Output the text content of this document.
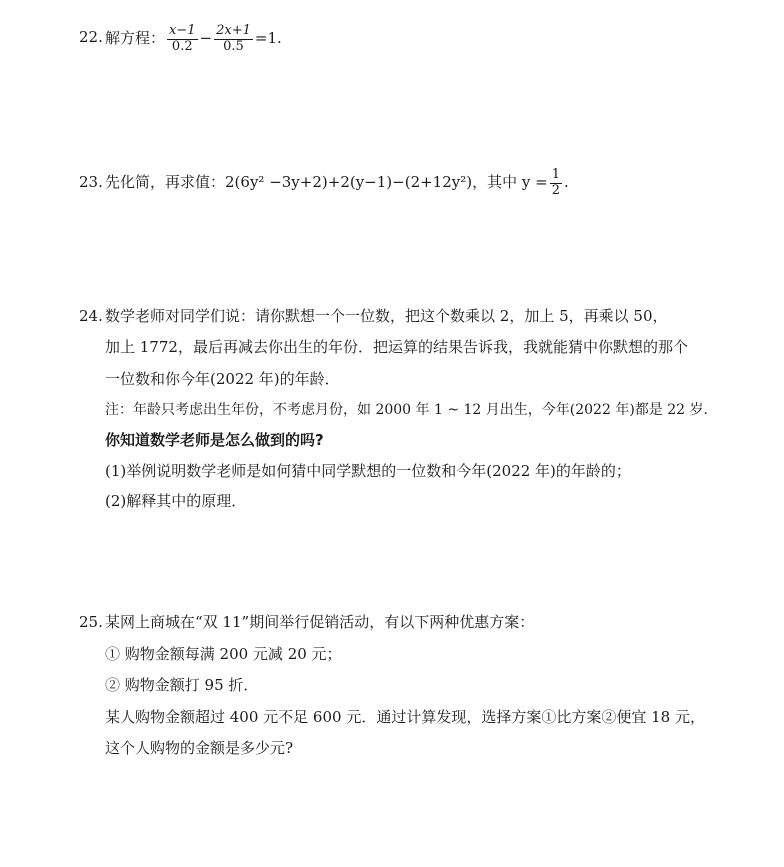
22. 解方程： $\frac{x-1}{0.2} - \frac{2x+1}{0.5} =1$.
23. 先化简，再求值：2(6y² −3y+2)+2(y−1)−(2+12y²)，其中 $y = \frac{1}{2}$ .
24. 数学老师对同学们说：请你默想一个一位数，把这个数乘以 2，加上 5，再乘以 50，
加上 1772，最后再减去你出生的年份．把运算的结果告诉我，我就能猜中你默想的那个
一位数和你今年(2022 年)的年龄．
注：年龄只考虑出生年份，不考虑月份，如 2000 年 1 ~ 12 月出生，今年(2022 年)都是 22 岁．
你知道数学老师是怎么做到的吗?
(1)举例说明数学老师是如何猜中同学默想的一位数和今年(2022 年)的年龄的；
(2)解释其中的原理．
25. 某网上商城在“双 11”期间举行促销活动，有以下两种优惠方案：
① 购物金额每满 200 元减 20 元；
② 购物金额打 95 折．
某人购物金额超过 400 元不足 600 元．通过计算发现，选择方案①比方案②便宜 18 元，
这个人购物的金额是多少元?
